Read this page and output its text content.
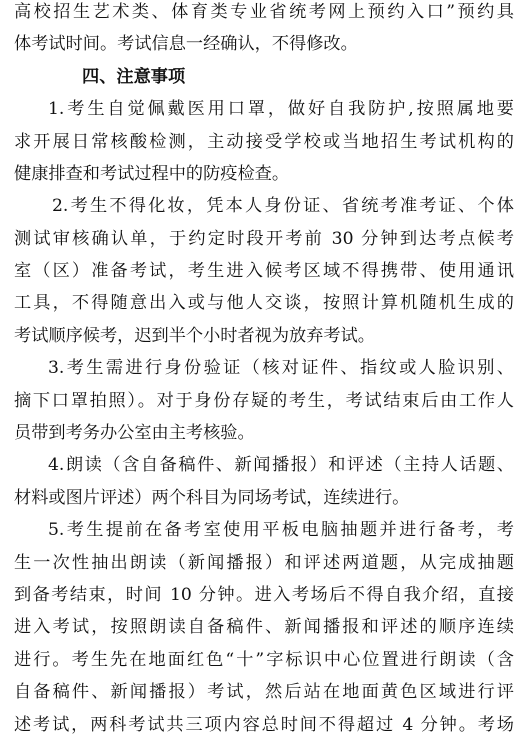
高校招生艺术类、体育类专业省统考网上预约入口”预约具
体考试时间。考试信息一经确认，不得修改。
四、注意事项
1.考生自觉佩戴医用口罩，做好自我防护,按照属地要
求开展日常核酸检测，主动接受学校或当地招生考试机构的
健康排查和考试过程中的防疫检查。
2.考生不得化妆，凭本人身份证、省统考准考证、个体
测试审核确认单，于约定时段开考前 30 分钟到达考点候考
室（区）准备考试，考生进入候考区域不得携带、使用通讯
工具，不得随意出入或与他人交谈，按照计算机随机生成的
考试顺序候考，迟到半个小时者视为放弃考试。
3.考生需进行身份验证（核对证件、指纹或人脸识别、
摘下口罩拍照）。对于身份存疑的考生，考试结束后由工作人
员带到考务办公室由主考核验。
4.朗读（含自备稿件、新闻播报）和评述（主持人话题、
材料或图片评述）两个科目为同场考试，连续进行。
5.考生提前在备考室使用平板电脑抽题并进行备考，考
生一次性抽出朗读（新闻播报）和评述两道题，从完成抽题
到备考结束，时间 10 分钟。进入考场后不得自我介绍，直接
进入考试，按照朗读自备稿件、新闻播报和评述的顺序连续
进行。考生先在地面红色“十”字标识中心位置进行朗读（含
自备稿件、新闻播报）考试，然后站在地面黄色区域进行评
述考试，两科考试共三项内容总时间不得超过 4 分钟。考场
